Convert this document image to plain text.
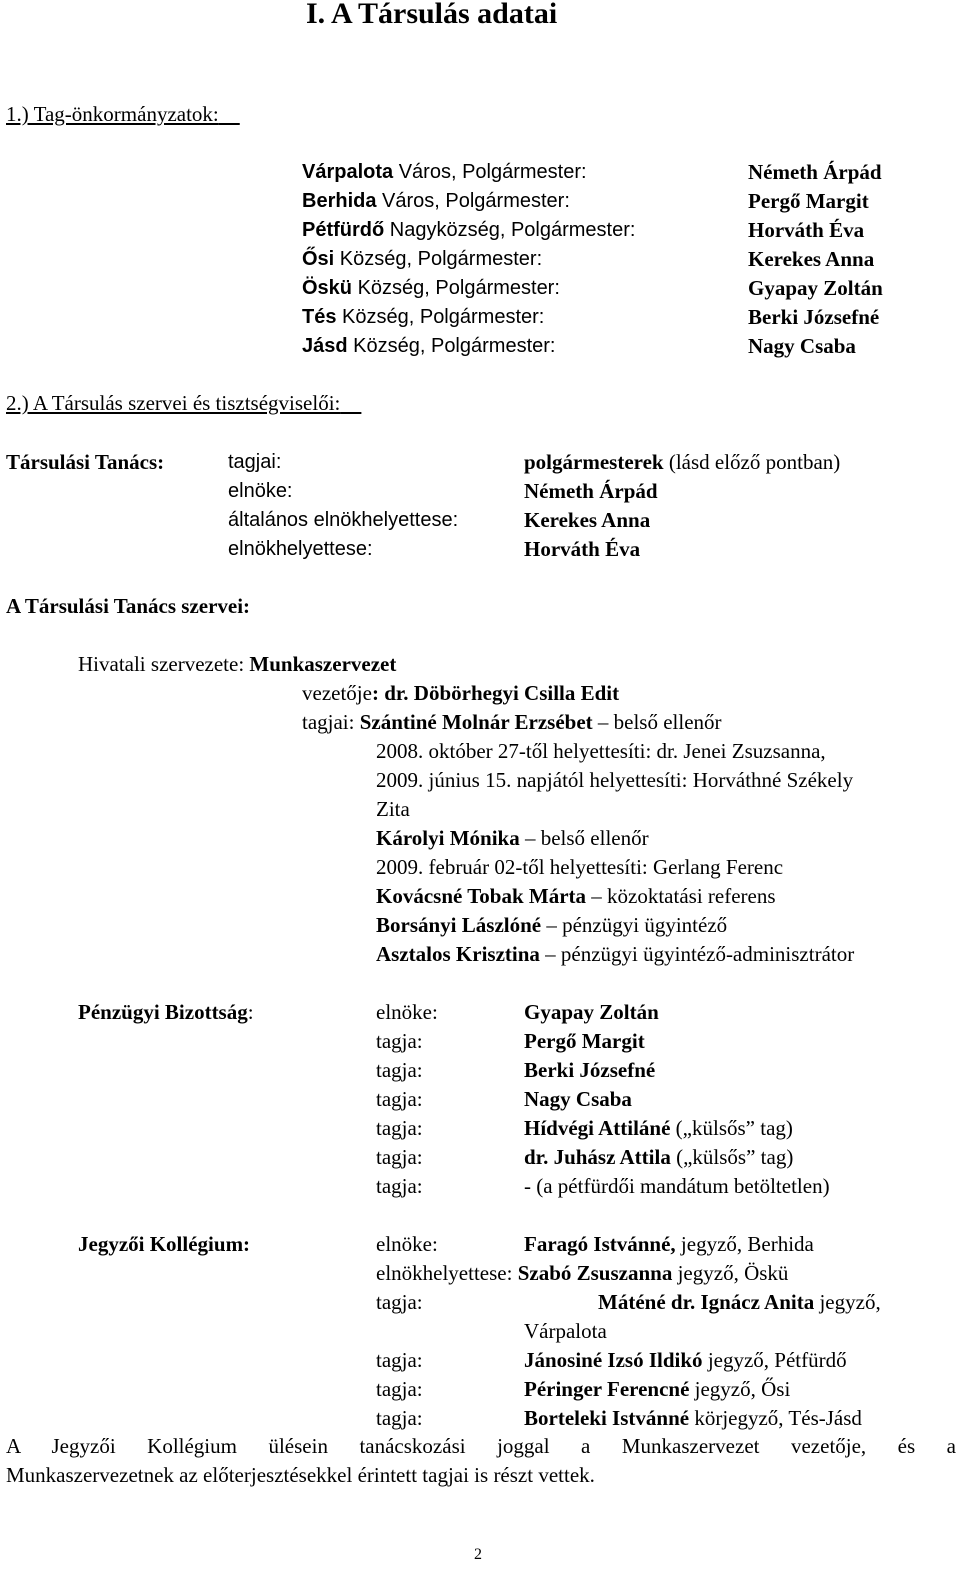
I. A Társulás adatai
1.) Tag-önkormányzatok:
Várpalota Város, Polgármester:	Németh Árpád
Berhida Város, Polgármester:	Pergő Margit
Pétfürdő Nagyközség, Polgármester:	Horváth Éva
Ősi Község, Polgármester:	Kerekes Anna
Öskü Község, Polgármester:	Gyapay Zoltán
Tés Község, Polgármester:	Berki Józsefné
Jásd Község, Polgármester:	Nagy Csaba
2.) A Társulás szervei és tisztségviselői:
Társulási Tanács:	tagjai:	polgármesterek (lásd előző pontban)
elnöke:	Németh Árpád
általános elnökhelyettese:	Kerekes Anna
elnökhelyettese:	Horváth Éva
A Társulási Tanács szervei:
Hivatali szervezete: Munkaszervezet
vezetője: dr. Döbörhegyi Csilla Edit
tagjai: Szántiné Molnár Erzsébet – belső ellenőr
2008. október 27-től helyettesíti: dr. Jenei Zsuzsanna,
2009. június 15. napjától helyettesíti: Horváthné Székely
Zita
Károlyi Mónika – belső ellenőr
2009. február 02-től helyettesíti: Gerlang Ferenc
Kovácsné Tobak Márta – közoktatási referens
Borsányi Lászlóné – pénzügyi ügyintéző
Asztalos Krisztina – pénzügyi ügyintéző-adminisztrátor
Pénzügyi Bizottság:	elnöke:	Gyapay Zoltán
tagja:	Pergő Margit
tagja:	Berki Józsefné
tagja:	Nagy Csaba
tagja:	Hídvégi Attiláné („külsős” tag)
tagja:	dr. Juhász Attila („külsős” tag)
tagja:	- (a pétfürdői mandátum betöltetlen)
Jegyzői Kollégium:	elnöke:	Faragó Istvánné, jegyző, Berhida
elnökhelyettese: Szabó Zsuszanna jegyző, Öskü
tagja:	Máténé dr. Ignácz Anita jegyző,
Várpalota
tagja:	Jánosiné Izsó Ildikó jegyző, Pétfürdő
tagja:	Péringer Ferencné jegyző, Ősi
tagja:	Borteleki Istvánné körjegyző, Tés-Jásd
A Jegyzői Kollégium ülésein tanácskozási joggal a Munkaszervezet vezetője, és a
Munkaszervezetnek az előterjesztésekkel érintett tagjai is részt vettek.
2
